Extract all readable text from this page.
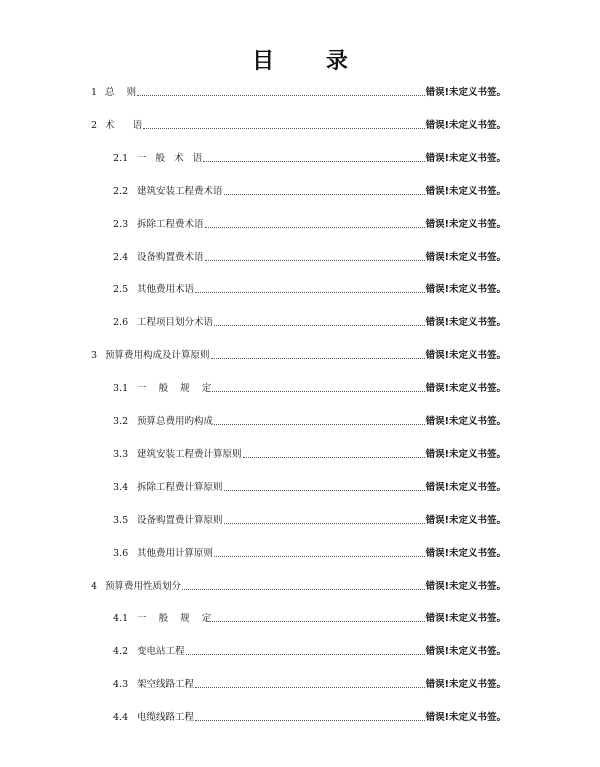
目 录
1 总    则	错误!未定义书签。
2 术      语	错误!未定义书签。
2.1 一   般   术   语	错误!未定义书签。
2.2 建筑安装工程费术语	错误!未定义书签。
2.3 拆除工程费术语	错误!未定义书签。
2.4 设备购置费术语	错误!未定义书签。
2.5 其他费用术语	错误!未定义书签。
2.6 工程项目划分术语	错误!未定义书签。
3 预算费用构成及计算原则	错误!未定义书签。
3.1 一    般    规    定	错误!未定义书签。
3.2 预算总费用旳构成	错误!未定义书签。
3.3 建筑安装工程费计算原则	错误!未定义书签。
3.4 拆除工程费计算原则	错误!未定义书签。
3.5 设备购置费计算原则	错误!未定义书签。
3.6 其他费用计算原则	错误!未定义书签。
4 预算费用性质划分	错误!未定义书签。
4.1 一    般    规    定	错误!未定义书签。
4.2 变电站工程	错误!未定义书签。
4.3 架空线路工程	错误!未定义书签。
4.4 电缆线路工程	错误!未定义书签。
